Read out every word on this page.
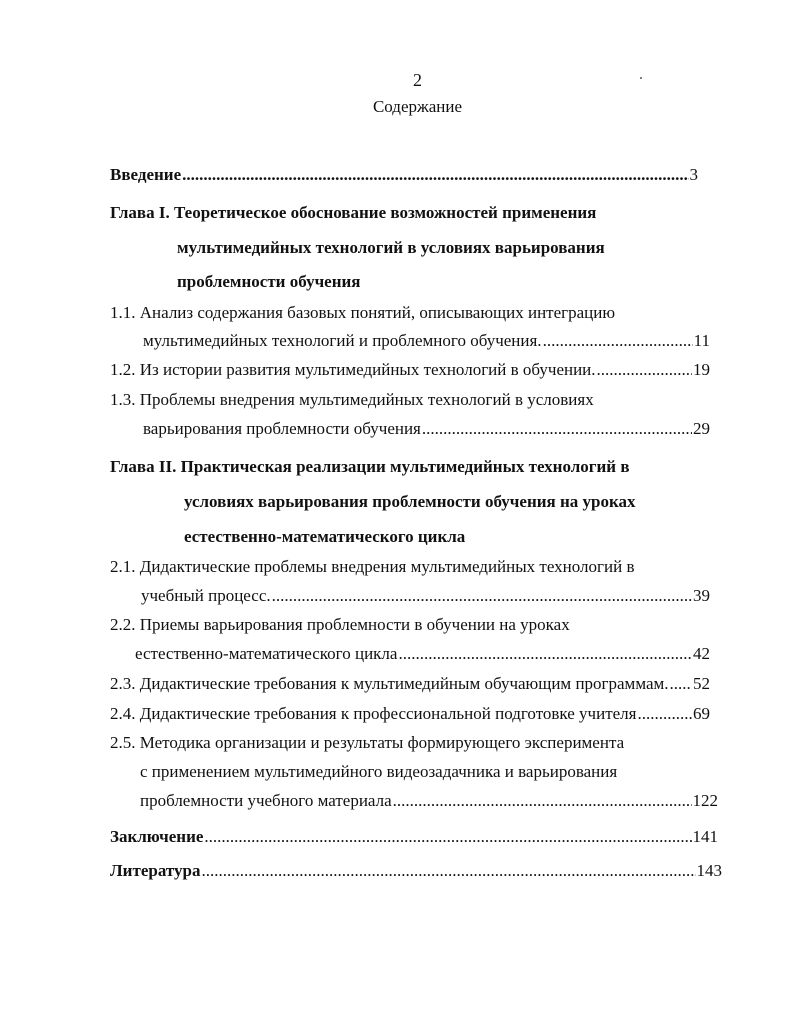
2
Содержание
Введение .....	3
Глава I. Теоретическое обоснование возможностей применения
мультимедийных технологий в условиях варьирования
проблемности обучения
1.1. Анализ содержания базовых понятий, описывающих интеграцию
мультимедийных технологий и проблемного обучения. .....	11
1.2. Из истории развития мультимедийных технологий в обучении. .....	19
1.3. Проблемы внедрения мультимедийных технологий в условиях
варьирования проблемности обучения .....	29
Глава II. Практическая реализации мультимедийных технологий в
условиях варьирования проблемности обучения на уроках
естественно-математического цикла
2.1. Дидактические проблемы внедрения мультимедийных технологий в
учебный процесс. .....	39
2.2. Приемы варьирования проблемности в обучении на уроках
естественно-математического цикла .....	42
2.3. Дидактические требования к мультимедийным обучающим программам. ..... 52
2.4. Дидактические требования к профессиональной подготовке учителя .....	69
2.5. Методика организации и результаты формирующего эксперимента
с применением мультимедийного видеозадачника и варьирования
проблемности учебного материала .....	122
Заключение .....	141
Литература .....	143
